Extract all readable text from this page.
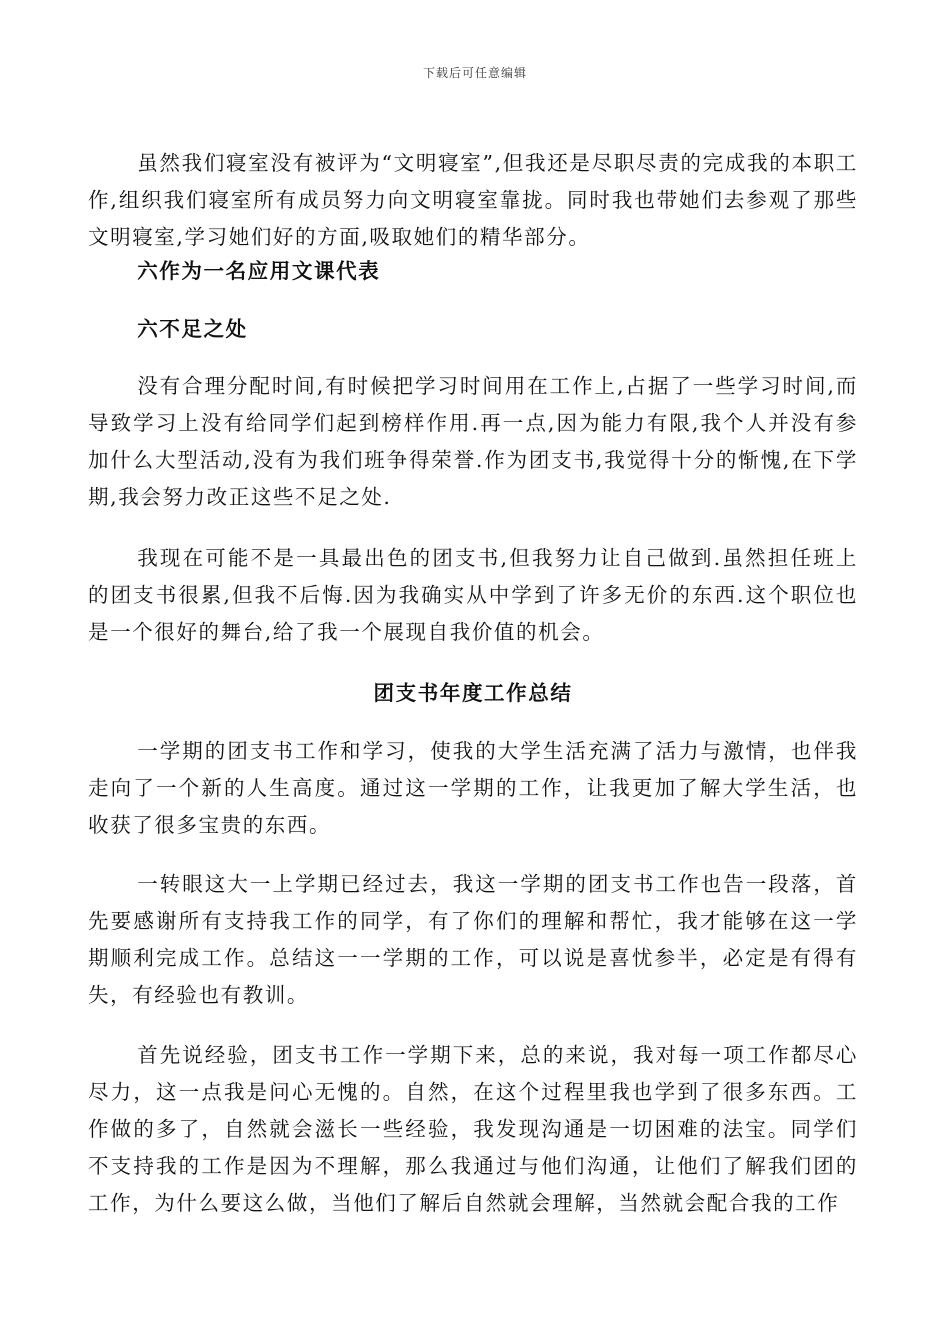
下载后可任意编辑

虽然我们寝室没有被评为“文明寝室”,但我还是尽职尽责的完成我的本职工作,组织我们寝室所有成员努力向文明寝室靠拢。同时我也带她们去参观了那些文明寝室,学习她们好的方面,吸取她们的精华部分。

六作为一名应用文课代表

六不足之处

没有合理分配时间,有时候把学习时间用在工作上,占据了一些学习时间,而导致学习上没有给同学们起到榜样作用.再一点,因为能力有限,我个人并没有参加什么大型活动,没有为我们班争得荣誉.作为团支书,我觉得十分的惭愧,在下学期,我会努力改正这些不足之处.

我现在可能不是一具最出色的团支书,但我努力让自己做到.虽然担任班上的团支书很累,但我不后悔.因为我确实从中学到了许多无价的东西.这个职位也是一个很好的舞台,给了我一个展现自我价值的机会。

团支书年度工作总结

一学期的团支书工作和学习，使我的大学生活充满了活力与激情，也伴我走向了一个新的人生高度。通过这一学期的工作，让我更加了解大学生活，也收获了很多宝贵的东西。

一转眼这大一上学期已经过去，我这一学期的团支书工作也告一段落，首先要感谢所有支持我工作的同学，有了你们的理解和帮忙，我才能够在这一学期顺利完成工作。总结这一一学期的工作，可以说是喜忧参半，必定是有得有失，有经验也有教训。

首先说经验，团支书工作一学期下来，总的来说，我对每一项工作都尽心尽力，这一点我是问心无愧的。自然，在这个过程里我也学到了很多东西。工作做的多了，自然就会滋长一些经验，我发现沟通是一切困难的法宝。同学们不支持我的工作是因为不理解，那么我通过与他们沟通，让他们了解我们团的工作，为什么要这么做，当他们了解后自然就会理解，当然就会配合我的工作
